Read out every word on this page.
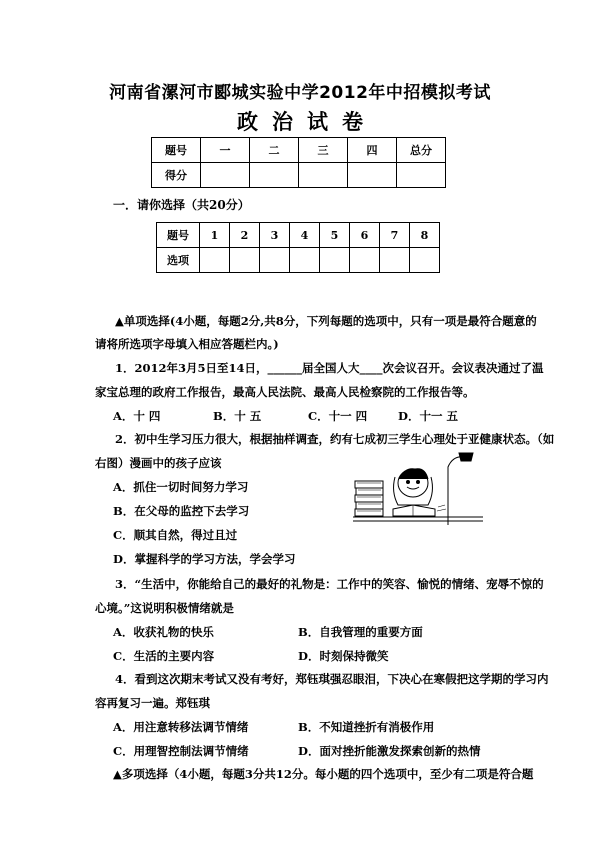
河南省漯河市郾城实验中学2012年中招模拟考试
政治试卷
题号	一	二	三	四	总分
得分					
一．请你选择（共20分）
题号	1	2	3	4	5	6	7	8
选项								
▲单项选择(4小题，每题2分,共8分，下列每题的选项中，只有一项是最符合题意的
请将所选项字母填入相应答题栏内。)
1．2012年3月5日至14日，______届全国人大____次会议召开。会议表决通过了温
家宝总理的政府工作报告，最高人民法院、最高人民检察院的工作报告等。
A．十 四	B．十 五	C．十一 四	D．十一 五
2．初中生学习压力很大，根据抽样调查，约有七成初三学生心理处于亚健康状态。（如
右图）漫画中的孩子应该
A．抓住一切时间努力学习
B．在父母的监控下去学习
C．顺其自然，得过且过
D．掌握科学的学习方法，学会学习
3．“生活中，你能给自己的最好的礼物是：工作中的笑容、愉悦的情绪、宠辱不惊的
心境。”这说明积极情绪就是
A．收获礼物的快乐	B．自我管理的重要方面
C．生活的主要内容	D．时刻保持微笑
4．看到这次期末考试又没有考好，郑钰琪强忍眼泪，下决心在寒假把这学期的学习内
容再复习一遍。郑钰琪
A．用注意转移法调节情绪	B．不知道挫折有消极作用
C．用理智控制法调节情绪	D．面对挫折能激发探索创新的热情
▲多项选择（4小题，每题3分共12分。每小题的四个选项中，至少有二项是符合题
